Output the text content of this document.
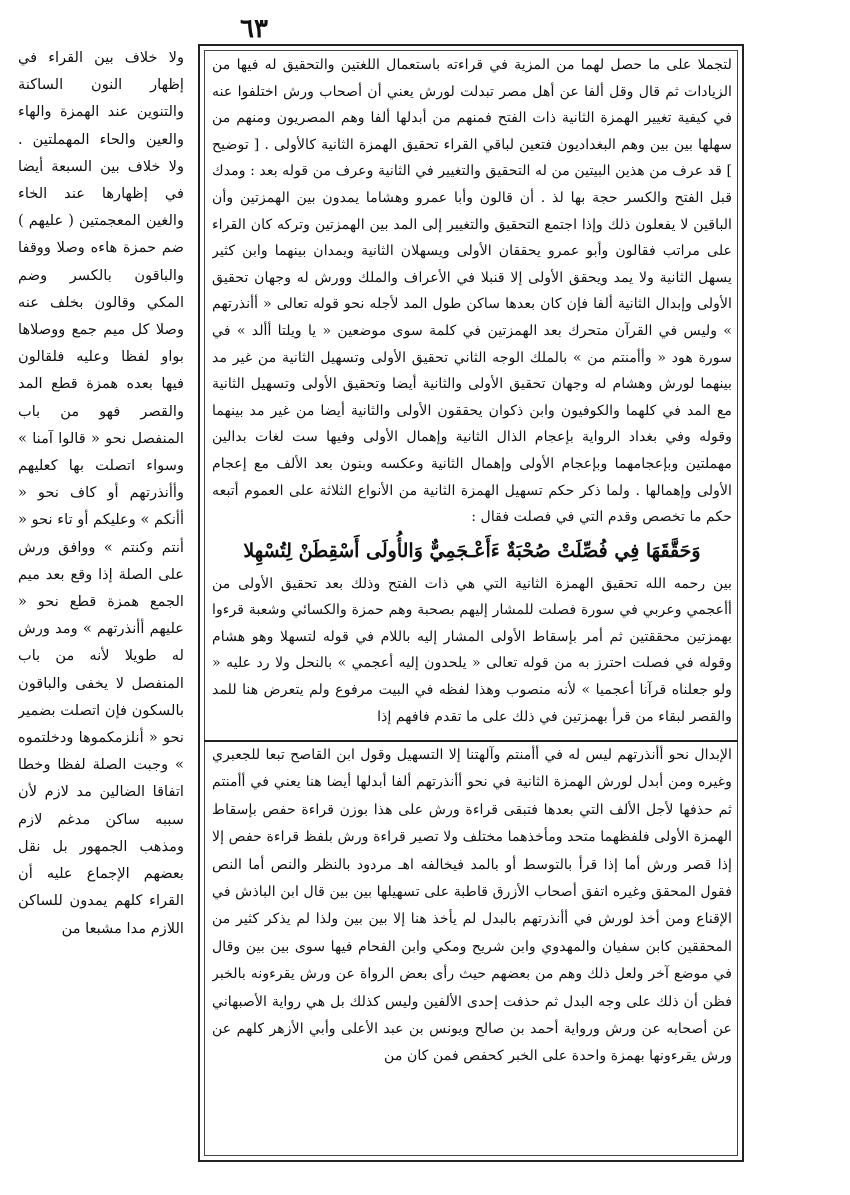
٦٣

ولا خلاف بين القراء في إظهار النون الساكنة والتنوين عند الهمزة والهاء والعين والحاء المهملتين . ولا خلاف بين السبعة أيضا في إظهارها عند الخاء والغين المعجمتين ( عليهم ) ضم حمزة هاءه وصلا ووقفا والباقون بالكسر وضم المكي وقالون بخلف عنه وصلا كل ميم جمع ووصلاها بواو لفظا وعليه فلقالون فيها بعده همزة قطع المد والقصر فهو من باب المنفصل نحو « قالوا آمنا » وسواء اتصلت بها كعليهم وأأنذرتهم أو كاف نحو « أأنكم » وعليكم أو تاء نحو « أنتم وكنتم » ووافق ورش على الصلة إذا وقع بعد ميم الجمع همزة قطع نحو « عليهم أأنذرتهم » ومد ورش له طويلا لأنه من باب المنفصل لا يخفى والباقون بالسكون فإن اتصلت بضمير نحو « أنلزمكموها ودخلتموه » وجبت الصلة لفظا وخطا اتفاقا الضالين مد لازم لأن سببه ساكن مدغم لازم ومذهب الجمهور بل نقل بعضهم الإجماع عليه أن القراء كلهم يمدون للساكن اللازم مدا مشبعا من

لتجملا على ما حصل لهما من المزية في قراءته باستعمال اللغتين والتحقيق له فيها من الزيادات ثم قال وقل ألفا عن أهل مصر تبدلت لورش يعني أن أصحاب ورش اختلفوا عنه في كيفية تغيير الهمزة الثانية ذات الفتح فمنهم من أبدلها ألفا وهم المصريون ومنهم من سهلها بين بين وهم البغداديون فتعين لباقي القراء تحقيق الهمزة الثانية كالأولى . [ توضيح ] قد عرف من هذين البيتين من له التحقيق والتغيير في الثانية وعرف من قوله بعد : ومدك قبل الفتح والكسر حجة بها لذ . أن قالون وأبا عمرو وهشاما يمدون بين الهمزتين وأن الباقين لا يفعلون ذلك وإذا اجتمع التحقيق والتغيير إلى المد بين الهمزتين وتركه كان القراء على مراتب فقالون وأبو عمرو يحققان الأولى ويسهلان الثانية ويمدان بينهما وابن كثير يسهل الثانية ولا يمد ويحقق الأولى إلا قنبلا في الأعراف والملك وورش له وجهان تحقيق الأولى وإبدال الثانية ألفا فإن كان بعدها ساكن طول المد لأجله نحو قوله تعالى « أأنذرتهم » وليس في القرآن متحرك بعد الهمزتين في كلمة سوى موضعين « يا ويلتا أألد » في سورة هود « وأأمنتم من » بالملك الوجه الثاني تحقيق الأولى وتسهيل الثانية من غير مد بينهما لورش وهشام له وجهان تحقيق الأولى والثانية أيضا وتحقيق الأولى وتسهيل الثانية مع المد في كلهما والكوفيون وابن ذكوان يحققون الأولى والثانية أيضا من غير مد بينهما وقوله وفي بغداد الرواية بإعجام الذال الثانية وإهمال الأولى وفيها ست لغات بدالين مهملتين وبإعجامهما وبإعجام الأولى وإهمال الثانية وعكسه وبنون بعد الألف مع إعجام الأولى وإهمالها . ولما ذكر حكم تسهيل الهمزة الثانية من الأنواع الثلاثة على العموم أتبعه حكم ما تخصص وقدم التي في فصلت فقال :

وَحَقَّقَهَا فِي فُصِّلَتْ صُحْبَةٌ ءَأَعْـجَمِيٌّ وَالأُولَى أَسْقِطَنْ لِتُسْهِلا

بين رحمه الله تحقيق الهمزة الثانية التي هي ذات الفتح وذلك بعد تحقيق الأولى من أأعجمي وعربي في سورة فصلت للمشار إليهم بصحبة وهم حمزة والكسائي وشعبة قرءوا بهمزتين محققتين ثم أمر بإسقاط الأولى المشار إليه باللام في قوله لتسهلا وهو هشام وقوله في فصلت احترز به من قوله تعالى « يلحدون إليه أعجمي » بالنحل ولا رد عليه « ولو جعلناه قرآنا أعجميا » لأنه منصوب وهذا لفظه في البيت مرفوع ولم يتعرض هنا للمد والقصر لبقاء من قرأ بهمزتين في ذلك على ما تقدم فافهم إذا

الإبدال نحو أأنذرتهم ليس له في أأمنتم وآلهتنا إلا التسهيل وقول ابن القاصح تبعا للجعبري وغيره ومن أبدل لورش الهمزة الثانية في نحو أأنذرتهم ألفا أبدلها أيضا هنا يعني في أأمنتم ثم حذفها لأجل الألف التي بعدها فتبقى قراءة ورش على هذا بوزن قراءة حفص بإسقاط الهمزة الأولى فلفظهما متحد ومأخذهما مختلف ولا تصير قراءة ورش بلفظ قراءة حفص إلا إذا قصر ورش أما إذا قرأ بالتوسط أو بالمد فيخالفه اهـ مردود بالنظر والنص أما النص فقول المحقق وغيره اتفق أصحاب الأزرق قاطبة على تسهيلها بين بين قال ابن الباذش في الإقناع ومن أخذ لورش في أأنذرتهم بالبدل لم يأخذ هنا إلا بين بين ولذا لم يذكر كثير من المحققين كابن سفيان والمهدوي وابن شريح ومكي وابن الفحام فيها سوى بين بين وقال في موضع آخر ولعل ذلك وهم من بعضهم حيث رأى بعض الرواة عن ورش يقرءونه بالخبر فظن أن ذلك على وجه البدل ثم حذفت إحدى الألفين وليس كذلك بل هي رواية الأصبهاني عن أصحابه عن ورش ورواية أحمد بن صالح ويونس بن عبد الأعلى وأبي الأزهر كلهم عن ورش يقرءونها بهمزة واحدة على الخبر كحفص فمن كان من
